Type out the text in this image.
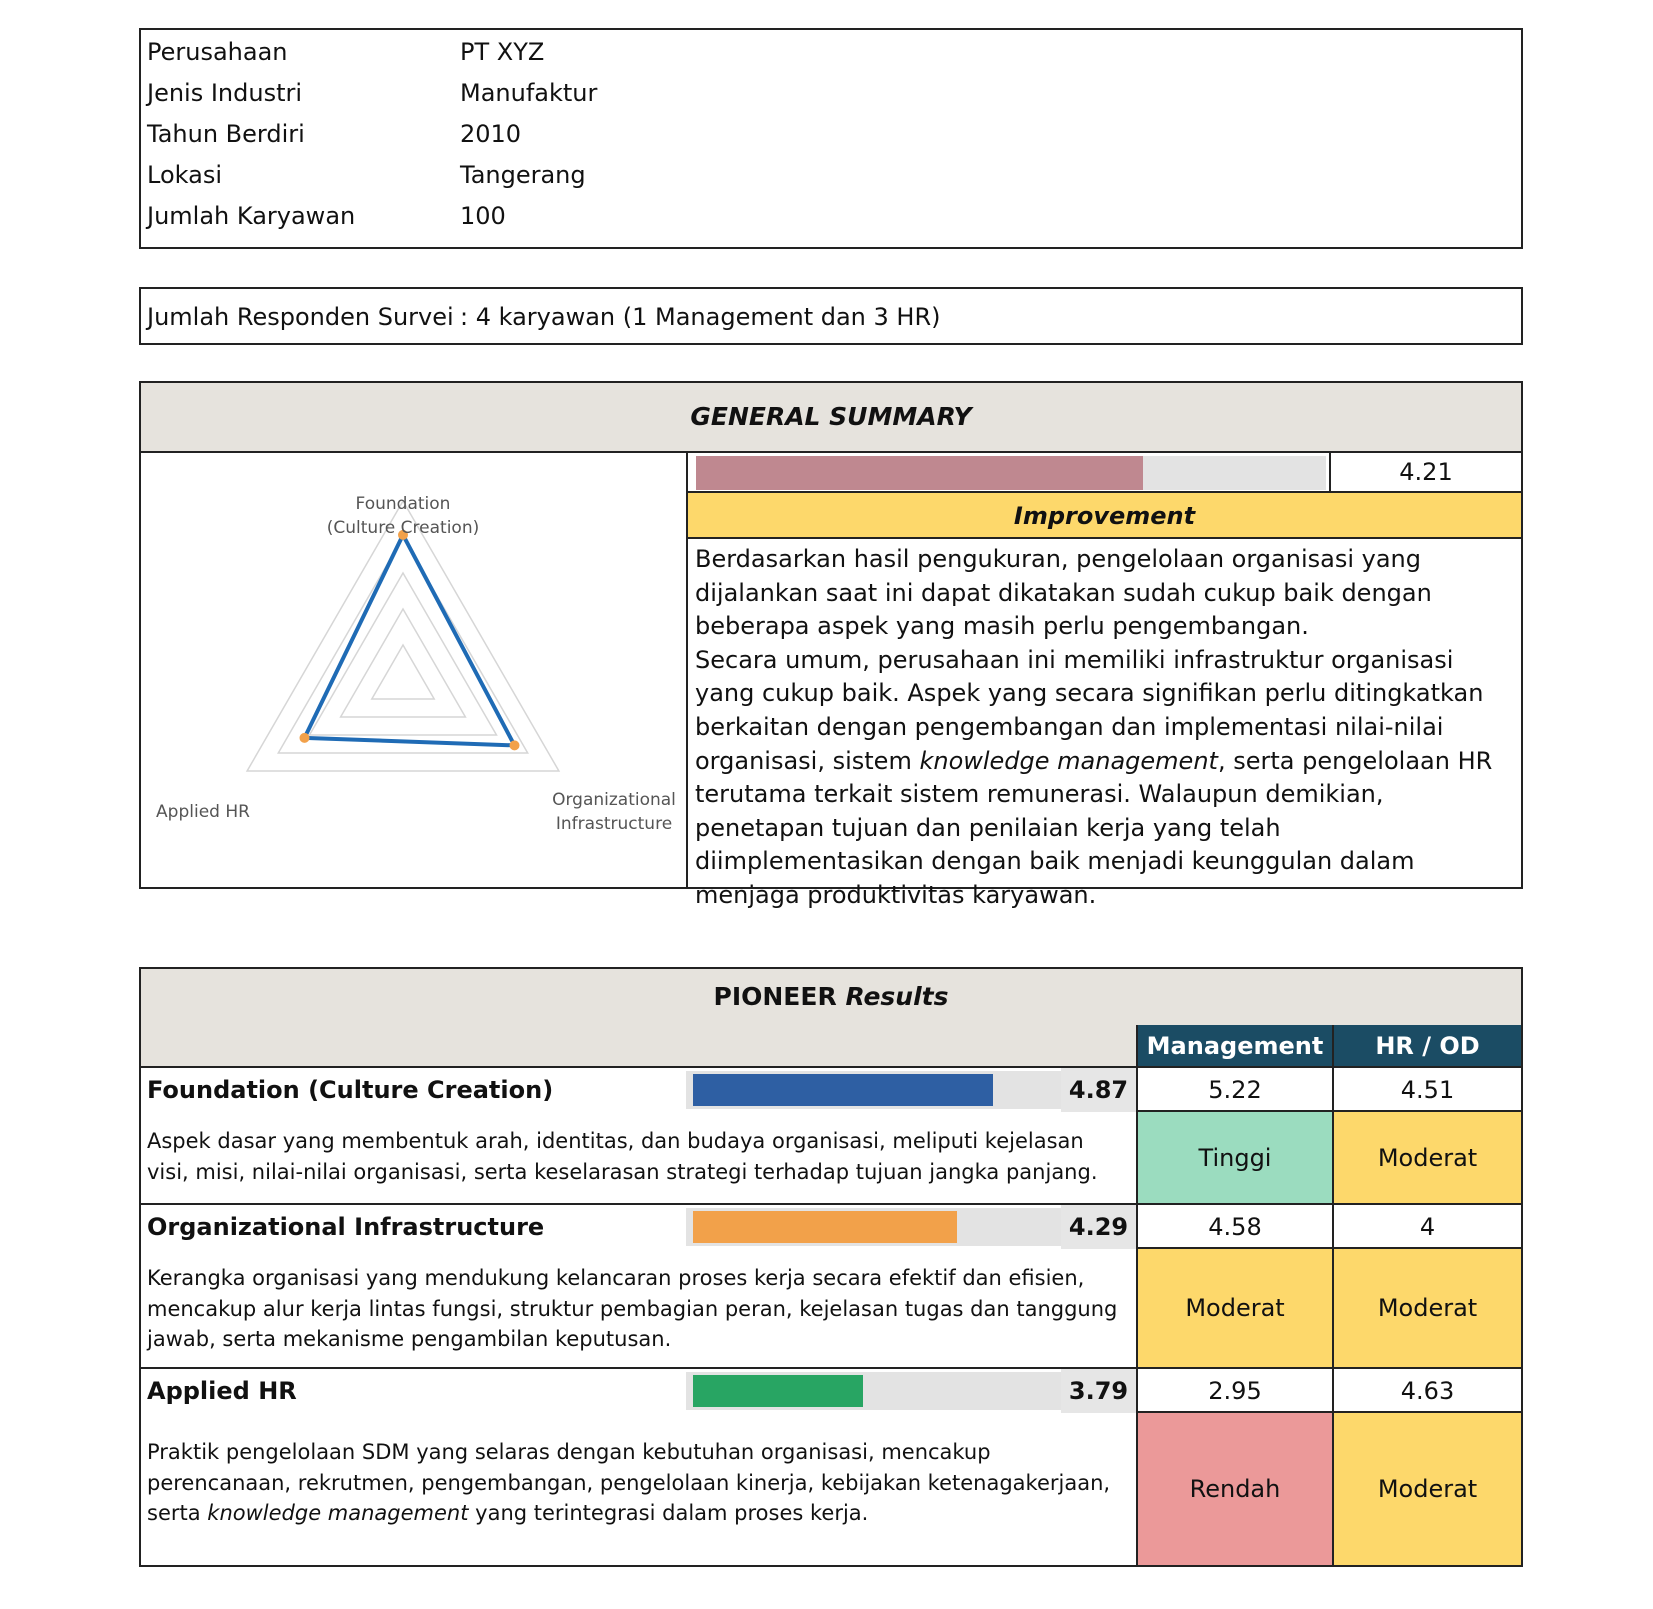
Perusahaan	PT XYZ
Jenis Industri	Manufaktur
Tahun Berdiri	2010
Lokasi	Tangerang
Jumlah Karyawan	100
Jumlah Responden Survei : 4 karyawan (1 Management dan 3 HR)
GENERAL SUMMARY
Foundation
(Culture Creation)
Applied HR
Organizational
Infrastructure
4.21
Improvement

Berdasarkan hasil pengukuran, pengelolaan organisasi yang dijalankan saat ini dapat dikatakan sudah cukup baik dengan beberapa aspek yang masih perlu pengembangan.

Secara umum, perusahaan ini memiliki infrastruktur organisasi yang cukup baik. Aspek yang secara signifikan perlu ditingkatkan berkaitan dengan pengembangan dan implementasi nilai-nilai organisasi, sistem knowledge management, serta pengelolaan HR terutama terkait sistem remunerasi. Walaupun demikian, penetapan tujuan dan penilaian kerja yang telah diimplementasikan dengan baik menjadi keunggulan dalam menjaga produktivitas karyawan.

PIONEER Results
Management	HR / OD
Foundation (Culture Creation)	4.87
Aspek dasar yang membentuk arah, identitas, dan budaya organisasi, meliputi kejelasan visi, misi, nilai-nilai organisasi, serta keselarasan strategi terhadap tujuan jangka panjang.
5.22	4.51
Tinggi	Moderat
Organizational Infrastructure	4.29
Kerangka organisasi yang mendukung kelancaran proses kerja secara efektif dan efisien, mencakup alur kerja lintas fungsi, struktur pembagian peran, kejelasan tugas dan tanggung jawab, serta mekanisme pengambilan keputusan.
4.58	4
Moderat	Moderat
Applied HR	3.79
Praktik pengelolaan SDM yang selaras dengan kebutuhan organisasi, mencakup perencanaan, rekrutmen, pengembangan, pengelolaan kinerja, kebijakan ketenagakerjaan, serta knowledge management yang terintegrasi dalam proses kerja.
2.95	4.63
Rendah	Moderat
